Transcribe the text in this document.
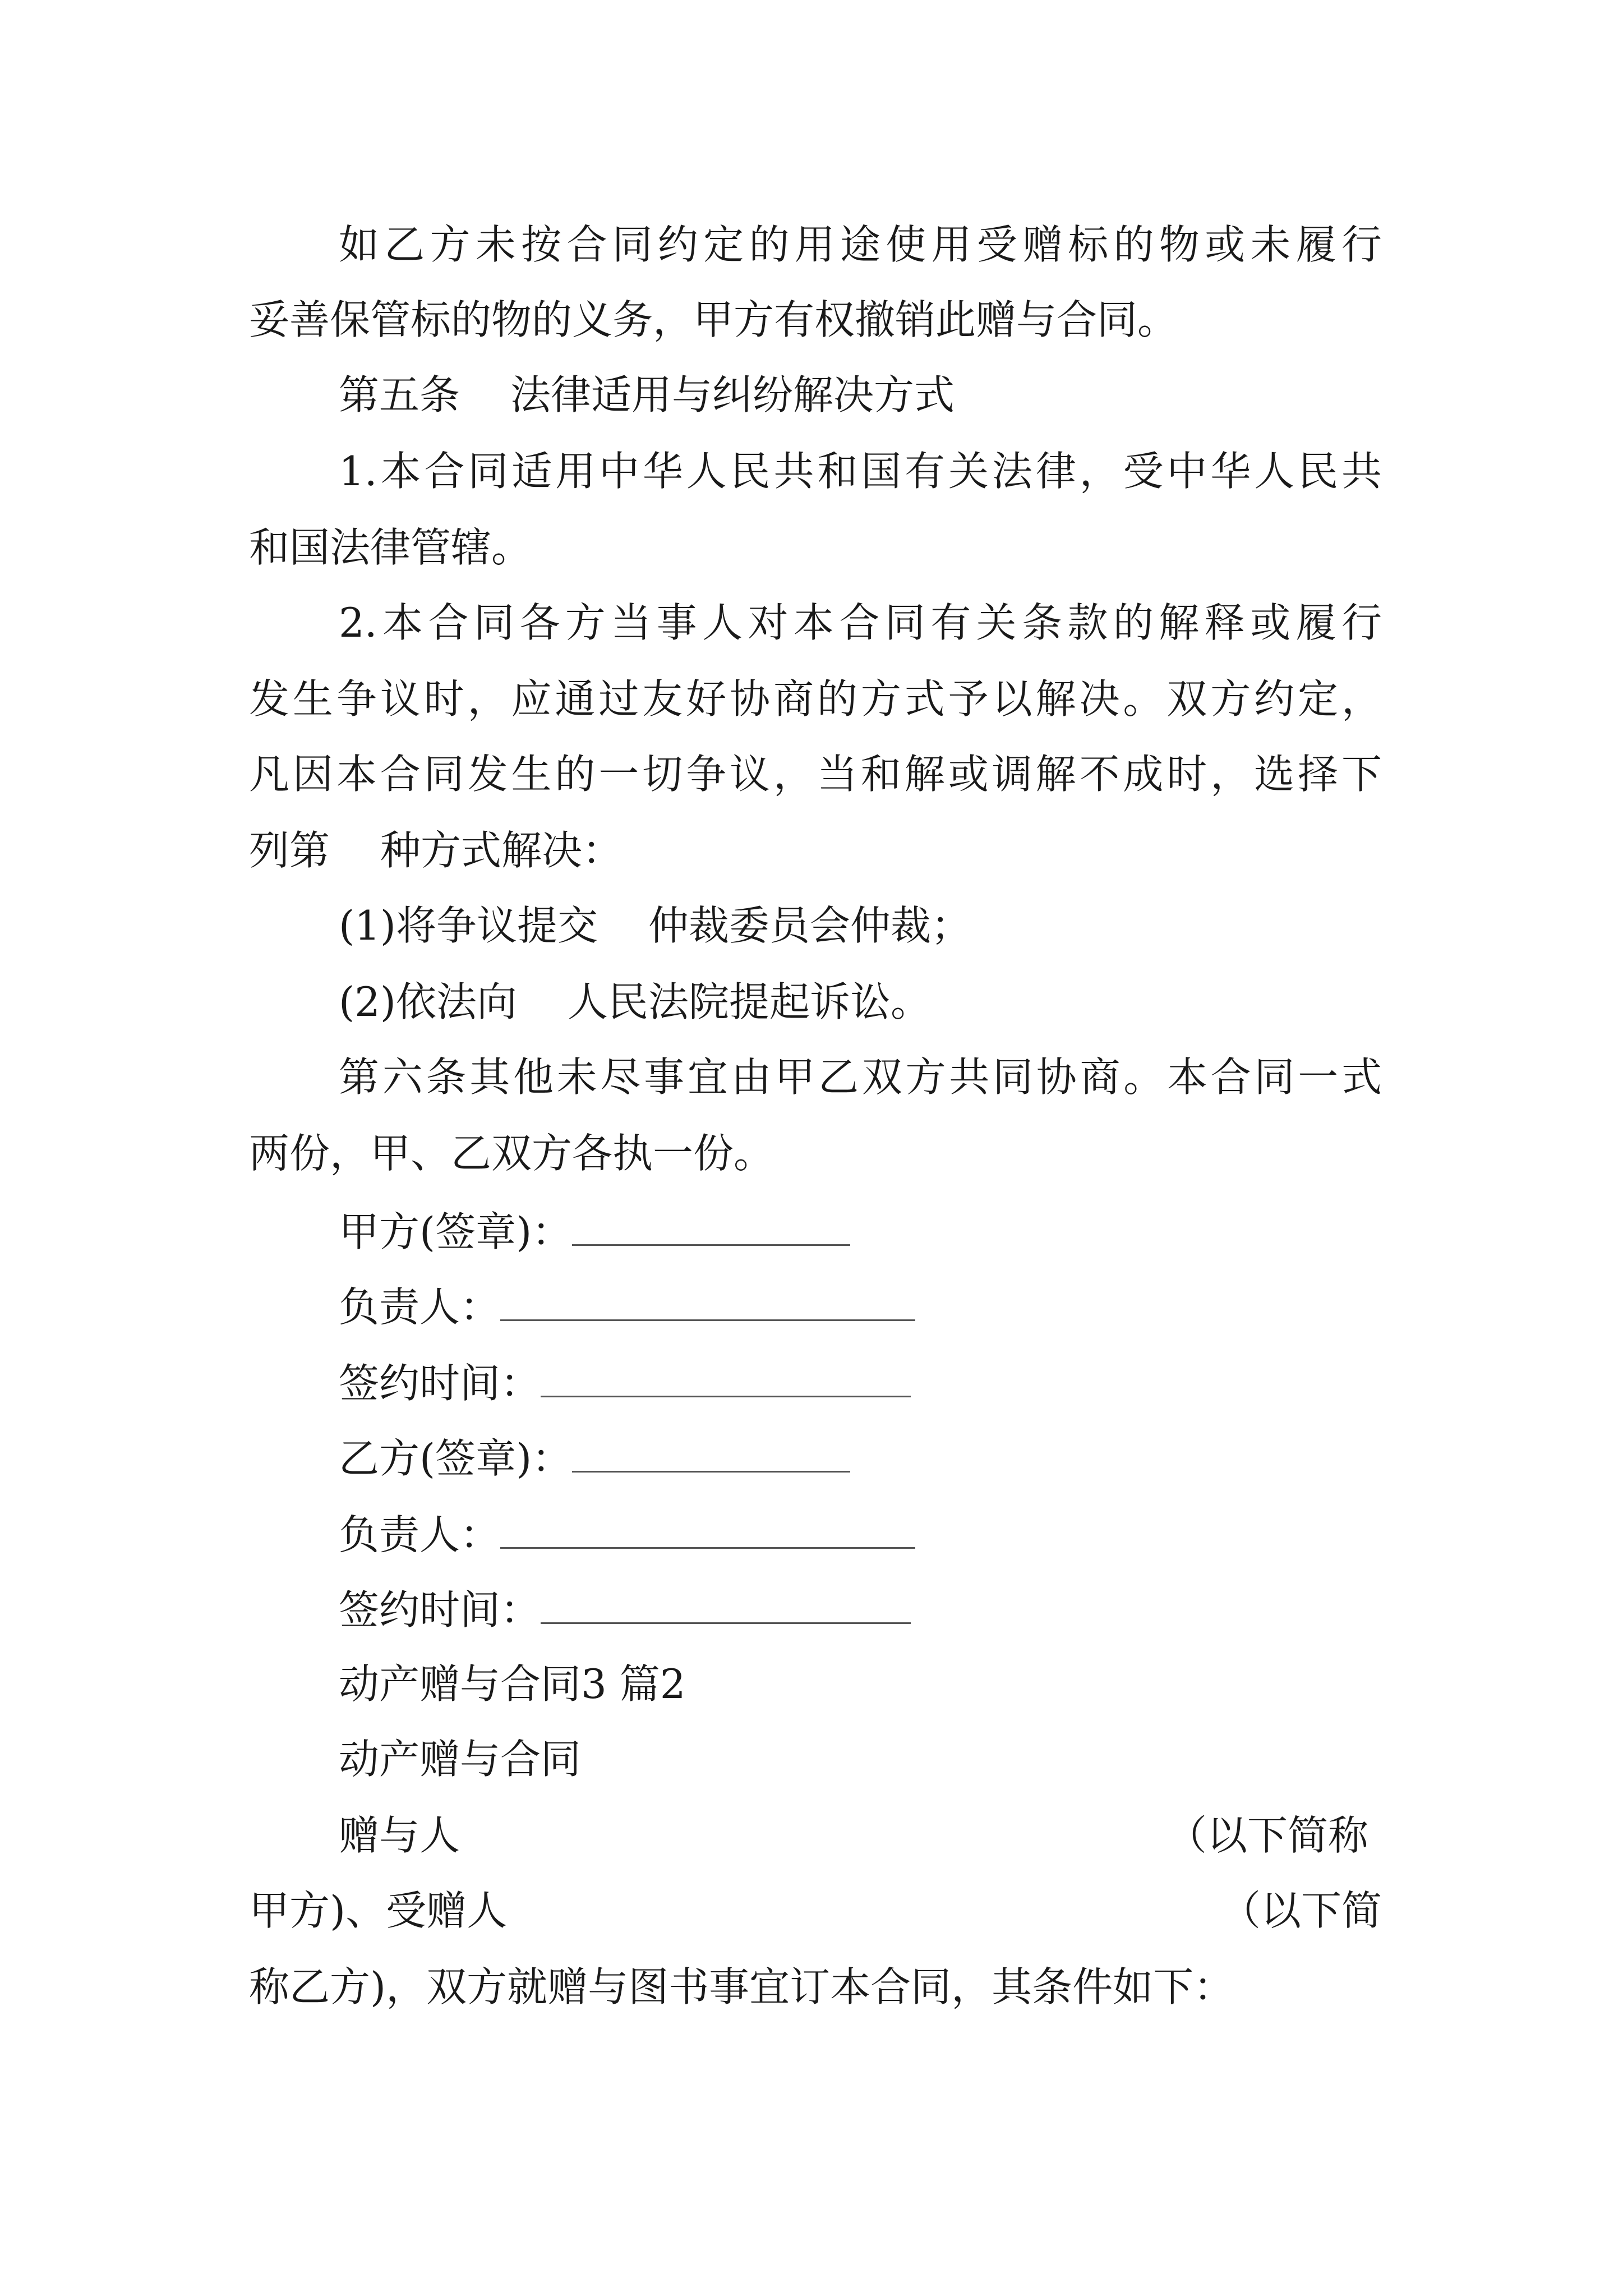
如乙方未按合同约定的用途使用受赠标的物或未履行
妥善保管标的物的义务，甲方有权撤销此赠与合同。
第五条 法律适用与纠纷解决方式
1.本合同适用中华人民共和国有关法律，受中华人民共
和国法律管辖。
2.本合同各方当事人对本合同有关条款的解释或履行
发生争议时，应通过友好协商的方式予以解决。双方约定，
凡因本合同发生的一切争议，当和解或调解不成时，选择下
列第 种方式解决：
(1)将争议提交 仲裁委员会仲裁；
(2)依法向 人民法院提起诉讼。
第六条其他未尽事宜由甲乙双方共同协商。本合同一式
两份，甲、乙双方各执一份。
甲方(签章)：
负责人：
签约时间：
乙方(签章)：
负责人：
签约时间：
动产赠与合同3 篇2
动产赠与合同
赠与人	（以下简称
甲方)、受赠人	（以下简
称乙方)，双方就赠与图书事宜订本合同，其条件如下：
